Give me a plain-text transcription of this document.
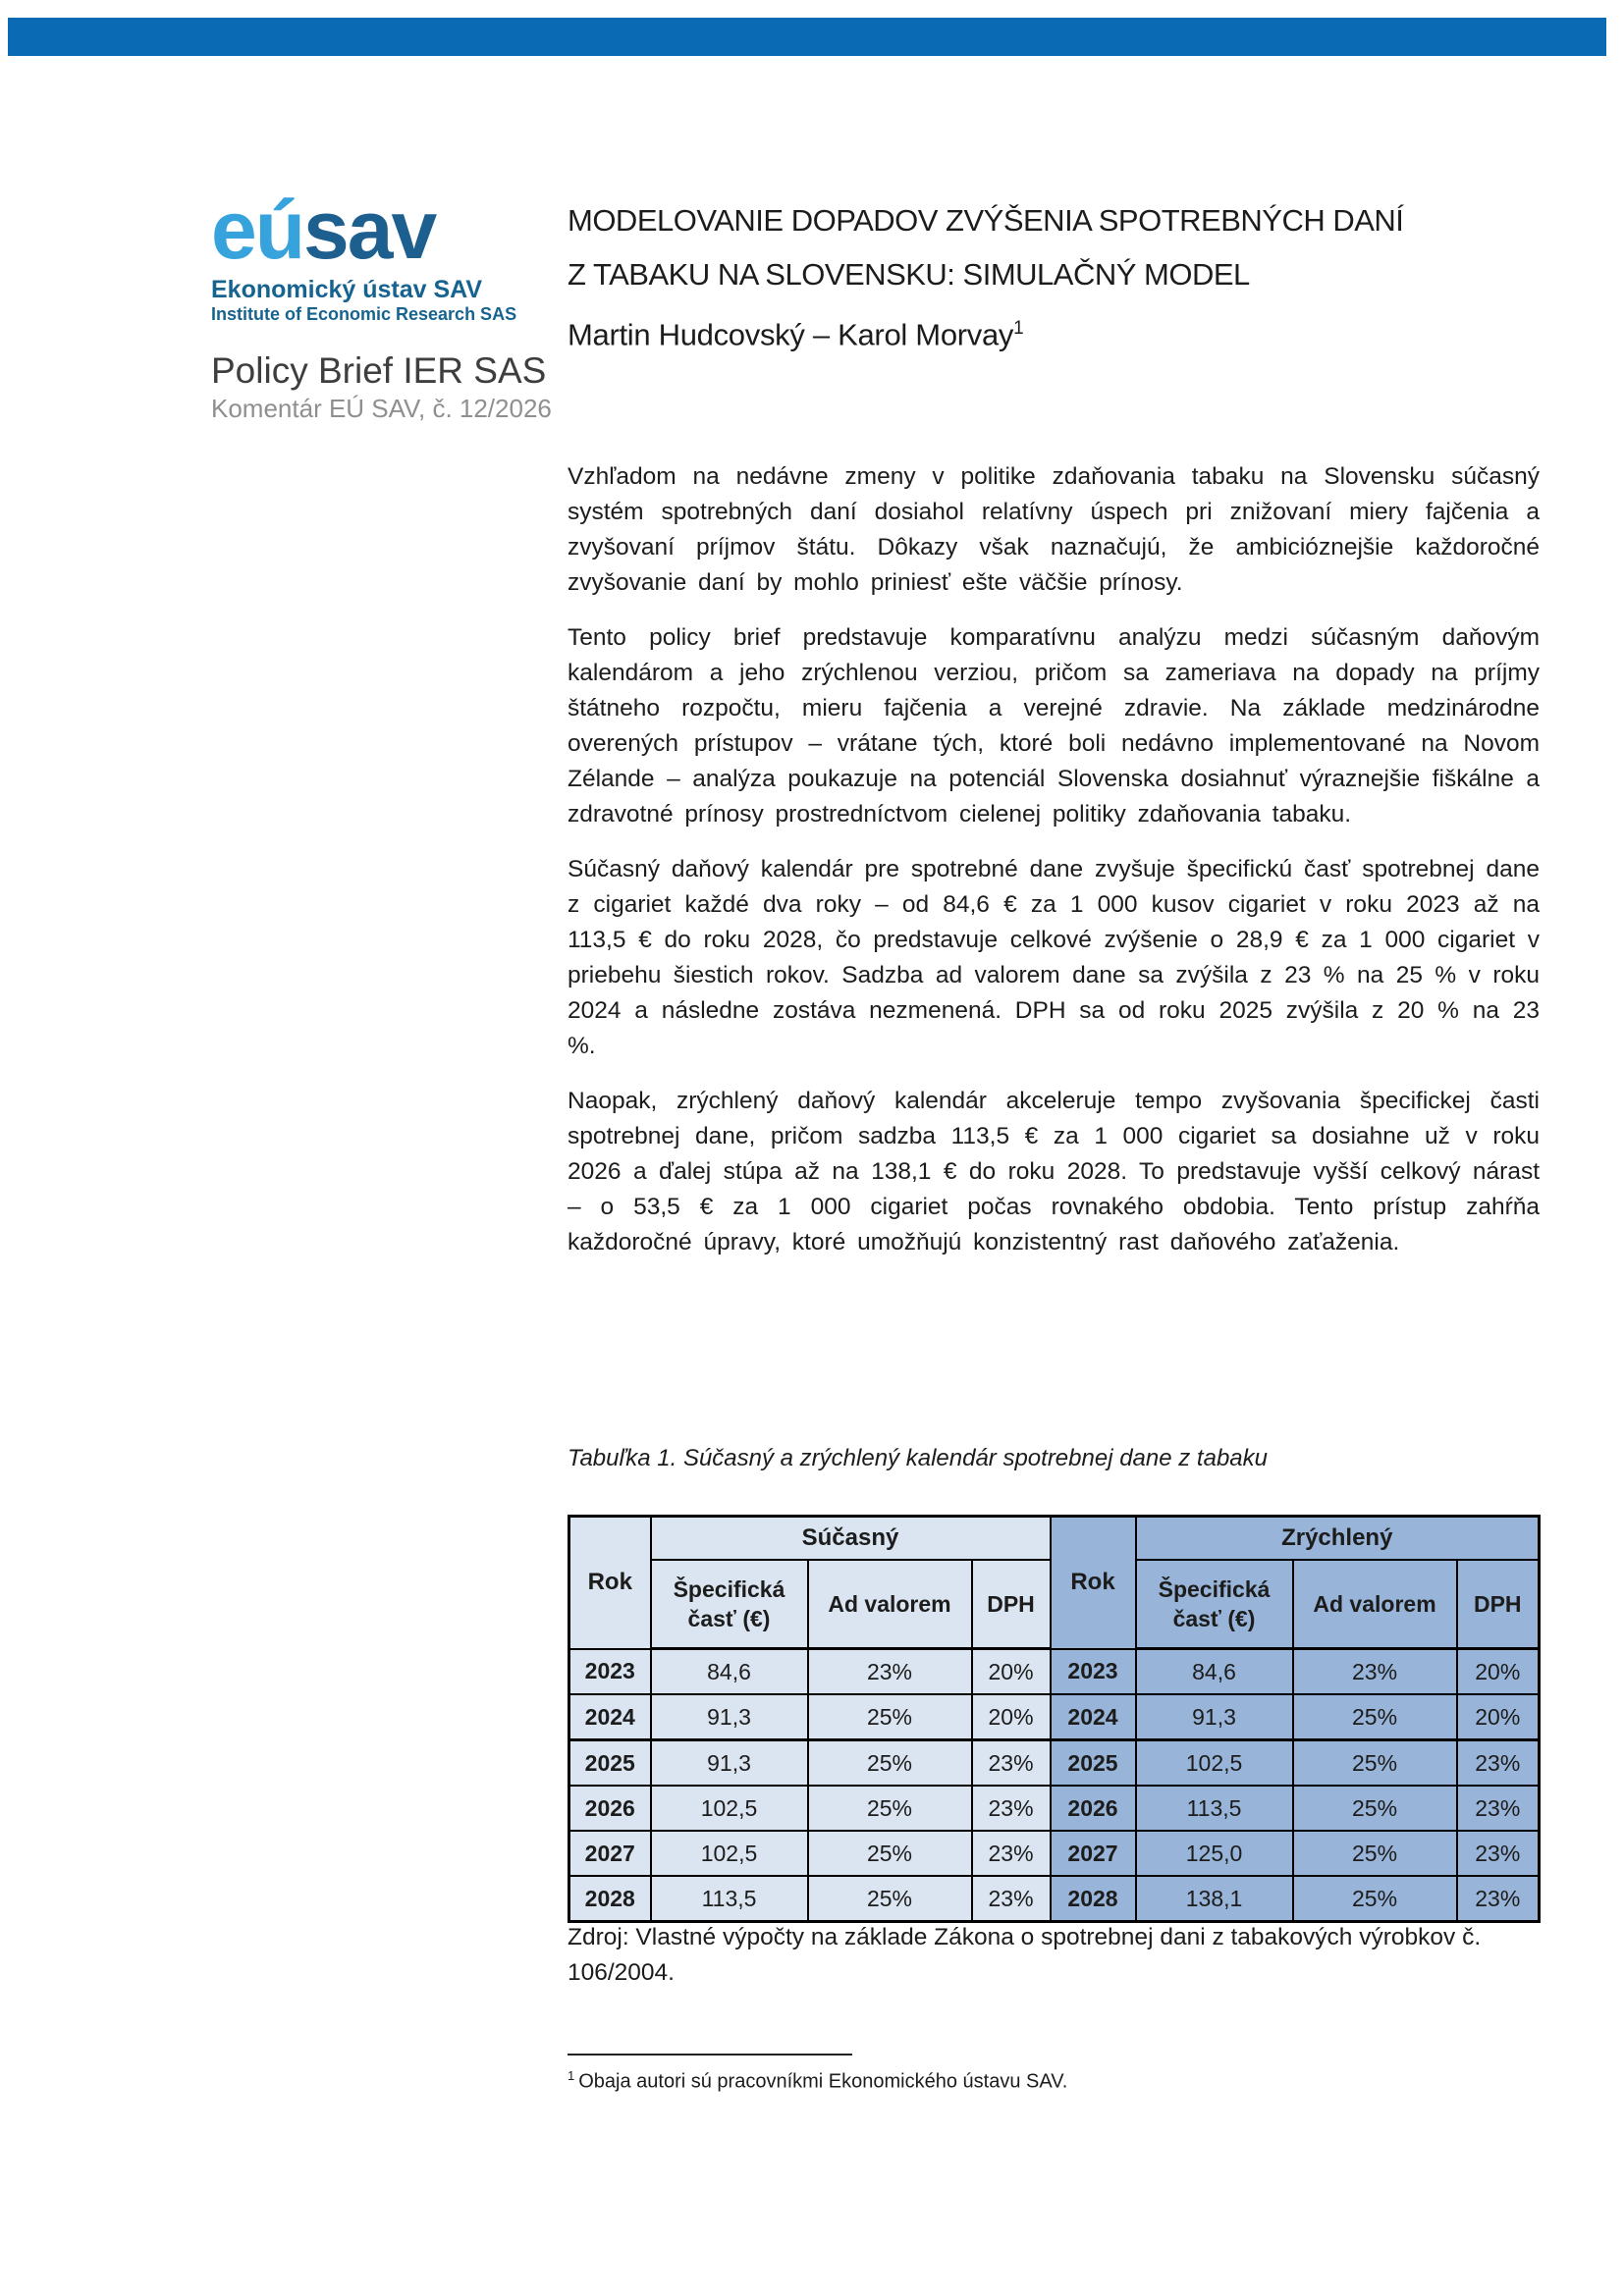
eúsav
Ekonomický ústav SAV
Institute of Economic Research SAS
Policy Brief IER SAS
Komentár EÚ SAV, č. 12/2026
MODELOVANIE DOPADOV ZVÝŠENIA SPOTREBNÝCH DANÍ
Z TABAKU NA SLOVENSKU: SIMULAČNÝ MODEL
Martin Hudcovský – Karol Morvay$^1$

Vzhľadom na nedávne zmeny v politike zdaňovania tabaku na Slovensku súčasný systém spotrebných daní dosiahol relatívny úspech pri znižovaní miery fajčenia a zvyšovaní príjmov štátu. Dôkazy však naznačujú, že ambicióznejšie každoročné zvyšovanie daní by mohlo priniesť ešte väčšie prínosy.

Tento policy brief predstavuje komparatívnu analýzu medzi súčasným daňovým kalendárom a jeho zrýchlenou verziou, pričom sa zameriava na dopady na príjmy štátneho rozpočtu, mieru fajčenia a verejné zdravie. Na základe medzinárodne overených prístupov – vrátane tých, ktoré boli nedávno implementované na Novom Zélande – analýza poukazuje na potenciál Slovenska dosiahnuť výraznejšie fiškálne a zdravotné prínosy prostredníctvom cielenej politiky zdaňovania tabaku.

Súčasný daňový kalendár pre spotrebné dane zvyšuje špecifickú časť spotrebnej dane z cigariet každé dva roky – od 84,6 € za 1 000 kusov cigariet v roku 2023 až na 113,5 € do roku 2028, čo predstavuje celkové zvýšenie o 28,9 € za 1 000 cigariet v priebehu šiestich rokov. Sadzba ad valorem dane sa zvýšila z 23 % na 25 % v roku 2024 a následne zostáva nezmenená. DPH sa od roku 2025 zvýšila z 20 % na 23 %.

Naopak, zrýchlený daňový kalendár akceleruje tempo zvyšovania špecifickej časti spotrebnej dane, pričom sadzba 113,5 € za 1 000 cigariet sa dosiahne už v roku 2026 a ďalej stúpa až na 138,1 € do roku 2028. To predstavuje vyšší celkový nárast – o 53,5 € za 1 000 cigariet počas rovnakého obdobia. Tento prístup zahŕňa každoročné úpravy, ktoré umožňujú konzistentný rast daňového zaťaženia.

Tabuľka 1. Súčasný a zrýchlený kalendár spotrebnej dane z tabaku
Rok	Súčasný			Rok	Zrýchlený		
	Špecifická časť (€)	Ad valorem	DPH		Špecifická časť (€)	Ad valorem	DPH
2023	84,6	23%	20%	2023	84,6	23%	20%
2024	91,3	25%	20%	2024	91,3	25%	20%
2025	91,3	25%	23%	2025	102,5	25%	23%
2026	102,5	25%	23%	2026	113,5	25%	23%
2027	102,5	25%	23%	2027	125,0	25%	23%
2028	113,5	25%	23%	2028	138,1	25%	23%
Zdroj: Vlastné výpočty na základe Zákona o spotrebnej dani z tabakových výrobkov č. 106/2004.
$^1$ Obaja autori sú pracovníkmi Ekonomického ústavu SAV.
